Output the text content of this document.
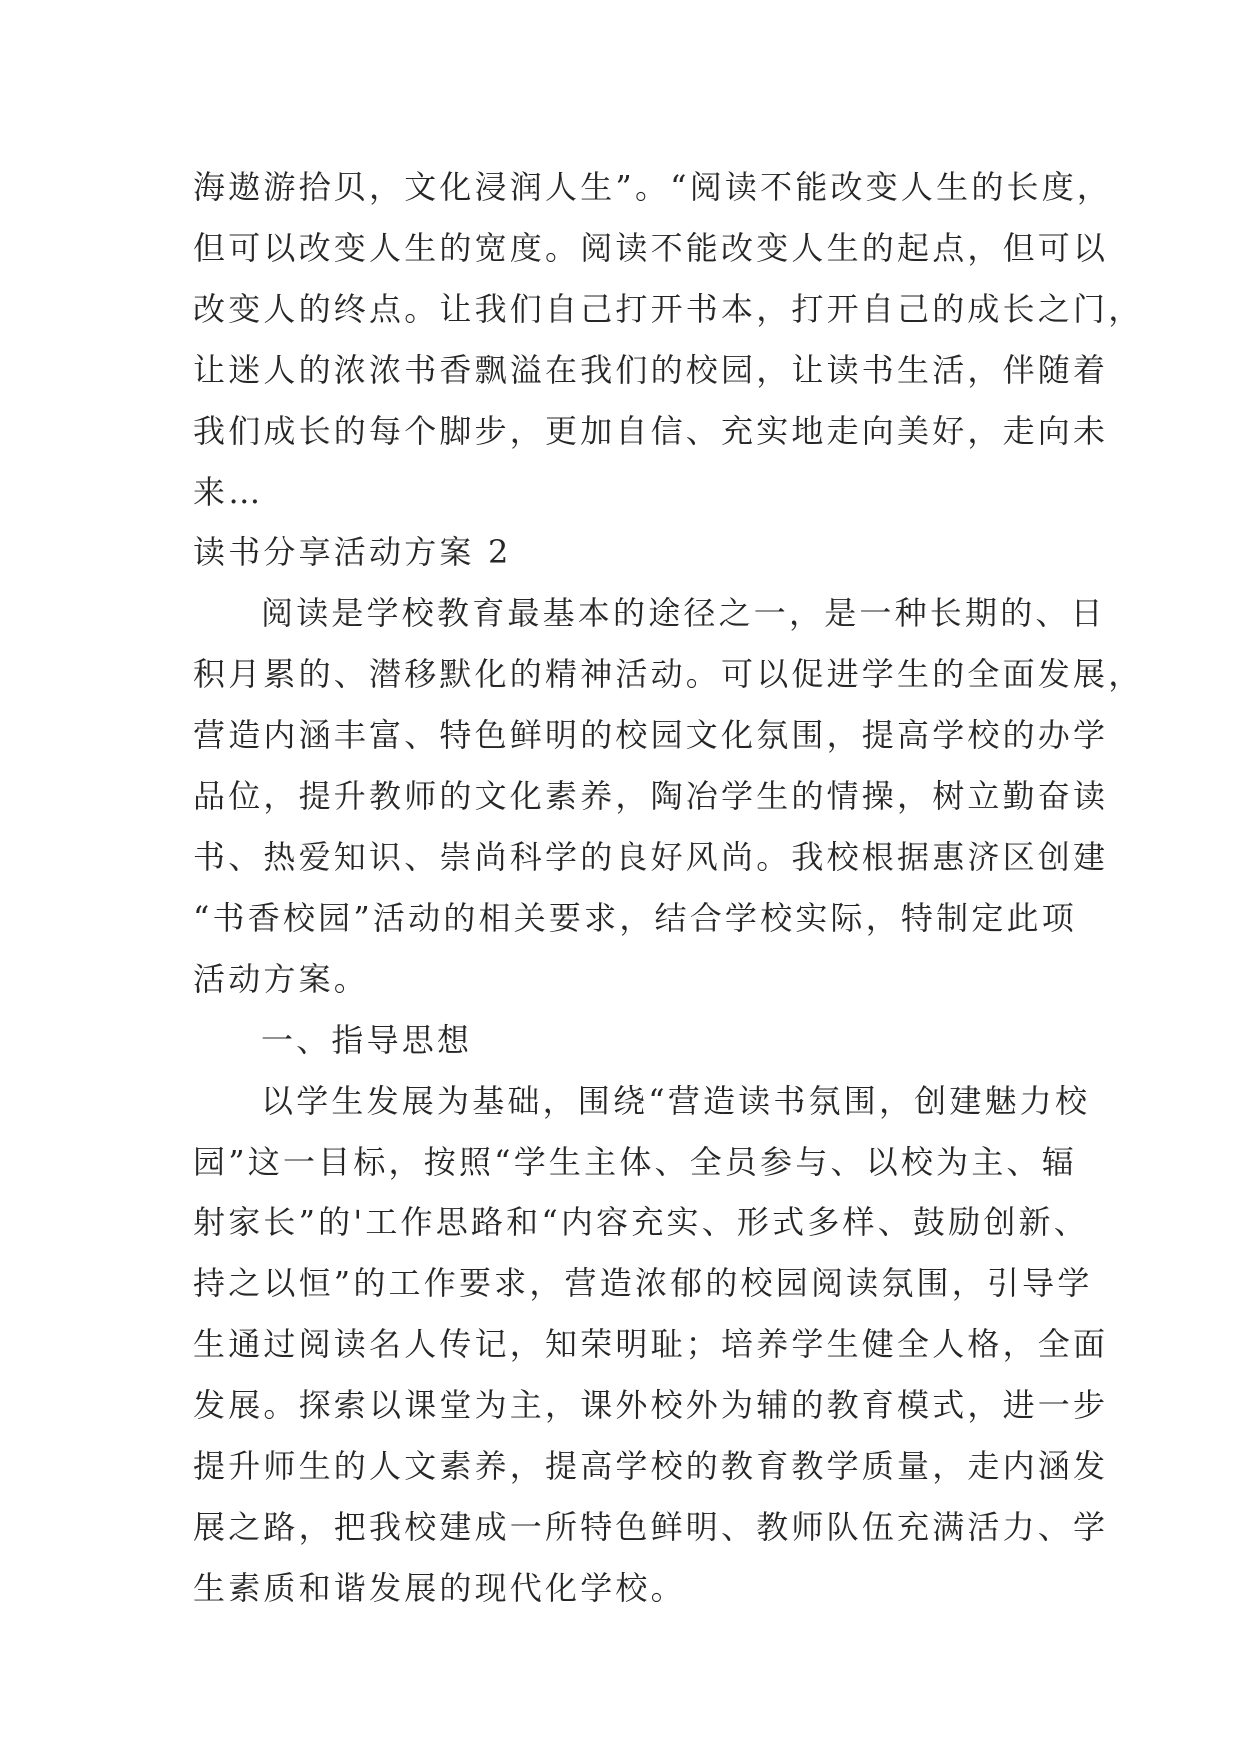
海遨游拾贝，文化浸润人生”。“阅读不能改变人生的长度，
但可以改变人生的宽度。阅读不能改变人生的起点，但可以
改变人的终点。让我们自己打开书本，打开自己的成长之门，
让迷人的浓浓书香飘溢在我们的校园，让读书生活，伴随着
我们成长的每个脚步，更加自信、充实地走向美好，走向未
来…
读书分享活动方案 2
阅读是学校教育最基本的途径之一，是一种长期的、日
积月累的、潜移默化的精神活动。可以促进学生的全面发展，
营造内涵丰富、特色鲜明的校园文化氛围，提高学校的办学
品位，提升教师的文化素养，陶冶学生的情操，树立勤奋读
书、热爱知识、崇尚科学的良好风尚。我校根据惠济区创建
“书香校园”活动的相关要求，结合学校实际，特制定此项
活动方案。
一、指导思想
以学生发展为基础，围绕“营造读书氛围，创建魅力校
园”这一目标，按照“学生主体、全员参与、以校为主、辐
射家长”的'工作思路和“内容充实、形式多样、鼓励创新、
持之以恒”的工作要求，营造浓郁的校园阅读氛围，引导学
生通过阅读名人传记，知荣明耻；培养学生健全人格，全面
发展。探索以课堂为主，课外校外为辅的教育模式，进一步
提升师生的人文素养，提高学校的教育教学质量，走内涵发
展之路，把我校建成一所特色鲜明、教师队伍充满活力、学
生素质和谐发展的现代化学校。
